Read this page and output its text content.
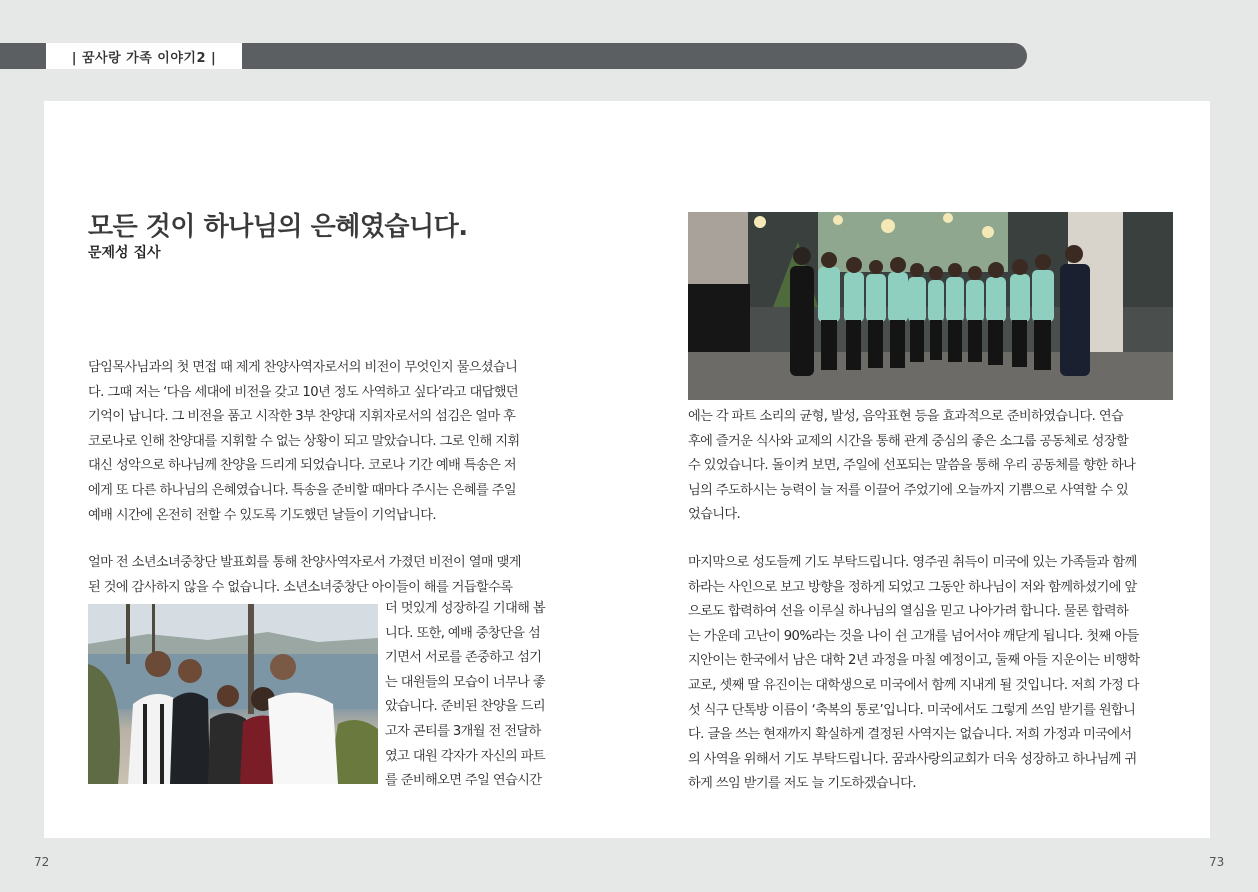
| 꿈사랑 가족 이야기2 |
모든 것이 하나님의 은혜였습니다.
문제성 집사

담임목사님과의 첫 면접 때 제게 찬양사역자로서의 비전이 무엇인지 물으셨습니
다. 그때 저는 ‘다음 세대에 비전을 갖고 10년 정도 사역하고 싶다’라고 대답했던
기억이 납니다. 그 비전을 품고 시작한 3부 찬양대 지휘자로서의 섬김은 얼마 후
코로나로 인해 찬양대를 지휘할 수 없는 상황이 되고 말았습니다. 그로 인해 지휘
대신 성악으로 하나님께 찬양을 드리게 되었습니다. 코로나 기간 예배 특송은 저
에게 또 다른 하나님의 은혜였습니다. 특송을 준비할 때마다 주시는 은혜를 주일
예배 시간에 온전히 전할 수 있도록 기도했던 날들이 기억납니다.

얼마 전 소년소녀중창단 발표회를 통해 찬양사역자로서 가졌던 비전이 열매 맺게
된 것에 감사하지 않을 수 없습니다. 소년소녀중창단 아이들이 해를 거듭할수록

더 멋있게 성장하길 기대해 봅
니다. 또한, 예배 중창단을 섬
기면서 서로를 존중하고 섬기
는 대원들의 모습이 너무나 좋
았습니다. 준비된 찬양을 드리
고자 콘티를 3개월 전 전달하
였고 대원 각자가 자신의 파트
를 준비해오면 주일 연습시간

에는 각 파트 소리의 균형, 발성, 음악표현 등을 효과적으로 준비하였습니다. 연습
후에 즐거운 식사와 교제의 시간을 통해 관계 중심의 좋은 소그룹 공동체로 성장할
수 있었습니다. 돌이켜 보면, 주일에 선포되는 말씀을 통해 우리 공동체를 향한 하나
님의 주도하시는 능력이 늘 저를 이끌어 주었기에 오늘까지 기쁨으로 사역할 수 있
었습니다.

마지막으로 성도들께 기도 부탁드립니다. 영주권 취득이 미국에 있는 가족들과 함께
하라는 사인으로 보고 방향을 정하게 되었고 그동안 하나님이 저와 함께하셨기에 앞
으로도 합력하여 선을 이루실 하나님의 열심을 믿고 나아가려 합니다. 물론 합력하
는 가운데 고난이 90%라는 것을 나이 쉰 고개를 넘어서야 깨닫게 됩니다. 첫째 아들
지안이는 한국에서 남은 대학 2년 과정을 마칠 예정이고, 둘째 아들 지운이는 비행학
교로, 셋째 딸 유진이는 대학생으로 미국에서 함께 지내게 될 것입니다. 저희 가정 다
섯 식구 단톡방 이름이 ‘축복의 통로’입니다. 미국에서도 그렇게 쓰임 받기를 원합니
다. 글을 쓰는 현재까지 확실하게 결정된 사역지는 없습니다. 저희 가정과 미국에서
의 사역을 위해서 기도 부탁드립니다. 꿈과사랑의교회가 더욱 성장하고 하나님께 귀
하게 쓰임 받기를 저도 늘 기도하겠습니다.

72	73
